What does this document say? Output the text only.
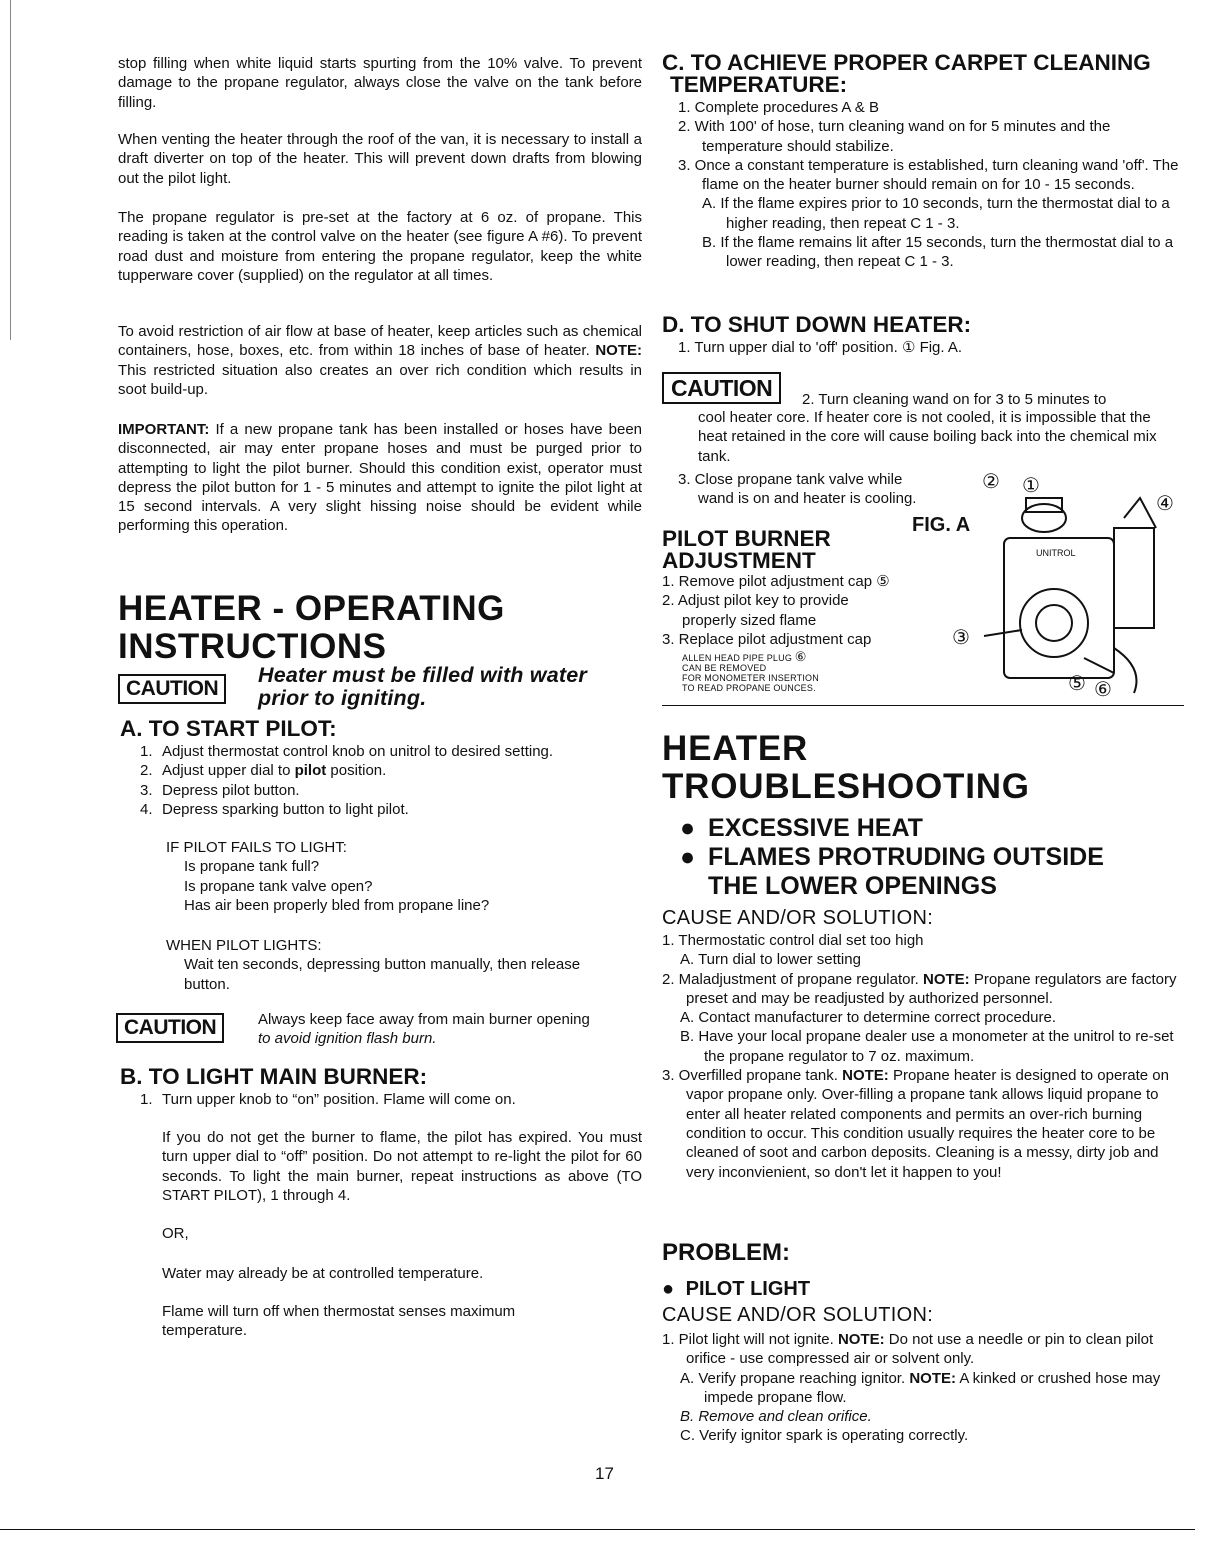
stop filling when white liquid starts spurting from the 10% valve. To prevent damage to the propane regulator, always close the valve on the tank before filling.

When venting the heater through the roof of the van, it is necessary to install a draft diverter on top of the heater. This will prevent down drafts from blowing out the pilot light.

The propane regulator is pre-set at the factory at 6 oz. of propane. This reading is taken at the control valve on the heater (see figure A #6). To prevent road dust and moisture from entering the propane regulator, keep the white tupperware cover (supplied) on the regulator at all times.

To avoid restriction of air flow at base of heater, keep articles such as chemical containers, hose, boxes, etc. from within 18 inches of base of heater. NOTE: This restricted situation also creates an over rich condition which results in soot build-up.

IMPORTANT: If a new propane tank has been installed or hoses have been disconnected, air may enter propane hoses and must be purged prior to attempting to light the pilot burner. Should this condition exist, operator must depress the pilot button for 1 - 5 minutes and attempt to ignite the pilot light at 15 second intervals. A very slight hissing noise should be evident while performing this operation.

HEATER - OPERATING
INSTRUCTIONS
CAUTION
Heater must be filled with water
prior to igniting.
A. TO START PILOT:
1. Adjust thermostat control knob on unitrol to desired setting.
2. Adjust upper dial to pilot position.
3. Depress pilot button.
4. Depress sparking button to light pilot.
IF PILOT FAILS TO LIGHT:
Is propane tank full?
Is propane tank valve open?
Has air been properly bled from propane line?
WHEN PILOT LIGHTS:
Wait ten seconds, depressing button manually, then release button.
CAUTION	Always keep face away from main burner opening
to avoid ignition flash burn.
B. TO LIGHT MAIN BURNER:
1. Turn upper knob to “on” position. Flame will come on.

If you do not get the burner to flame, the pilot has expired. You must turn upper dial to “off” position. Do not attempt to re-light the pilot for 60 seconds. To light the main burner, repeat instructions as above (TO START PILOT), 1 through 4.

OR,
Water may already be at controlled temperature.

Flame will turn off when thermostat senses maximum temperature.

C. TO ACHIEVE PROPER CARPET CLEANING
TEMPERATURE:
1. Complete procedures A & B
2. With 100' of hose, turn cleaning wand on for 5 minutes and the temperature should stabilize.
3. Once a constant temperature is established, turn cleaning wand 'off'. The flame on the heater burner should remain on for 10 - 15 seconds.
A. If the flame expires prior to 10 seconds, turn the thermostat dial to a higher reading, then repeat C 1 - 3.
B. If the flame remains lit after 15 seconds, turn the thermostat dial to a lower reading, then repeat C 1 - 3.
D. TO SHUT DOWN HEATER:
1. Turn upper dial to 'off' position. ① Fig. A.
CAUTION	2. Turn cleaning wand on for 3 to 5 minutes to

cool heater core. If heater core is not cooled, it is impossible that the heat retained in the core will cause boiling back into the chemical mix tank.

3. Close propane tank valve while
wand is on and heater is cooling.
PILOT BURNER
ADJUSTMENT
FIG. A
1. Remove pilot adjustment cap ⑤
2. Adjust pilot key to provide
properly sized flame
3. Replace pilot adjustment cap
ALLEN HEAD PIPE PLUG ⑥
CAN BE REMOVED
FOR MONOMETER INSERTION
TO READ PROPANE OUNCES.
UNITROL
② ①
④
③
⑤ ⑥
HEATER
TROUBLESHOOTING
● EXCESSIVE HEAT
● FLAMES PROTRUDING OUTSIDE
THE LOWER OPENINGS
CAUSE AND/OR SOLUTION:
1. Thermostatic control dial set too high
A. Turn dial to lower setting
2. Maladjustment of propane regulator. NOTE: Propane regulators are factory preset and may be readjusted by authorized personnel.
A. Contact manufacturer to determine correct procedure.
B. Have your local propane dealer use a monometer at the unitrol to re-set the propane regulator to 7 oz. maximum.
3. Overfilled propane tank. NOTE: Propane heater is designed to operate on vapor propane only. Over-filling a propane tank allows liquid propane to enter all heater related components and permits an over-rich burning condition to occur. This condition usually requires the heater core to be cleaned of soot and carbon deposits. Cleaning is a messy, dirty job and very inconvienient, so don't let it happen to you!
PROBLEM:
● PILOT LIGHT
CAUSE AND/OR SOLUTION:
1. Pilot light will not ignite. NOTE: Do not use a needle or pin to clean pilot orifice - use compressed air or solvent only.
A. Verify propane reaching ignitor. NOTE: A kinked or crushed hose may impede propane flow.
B. Remove and clean orifice.
C. Verify ignitor spark is operating correctly.
17
